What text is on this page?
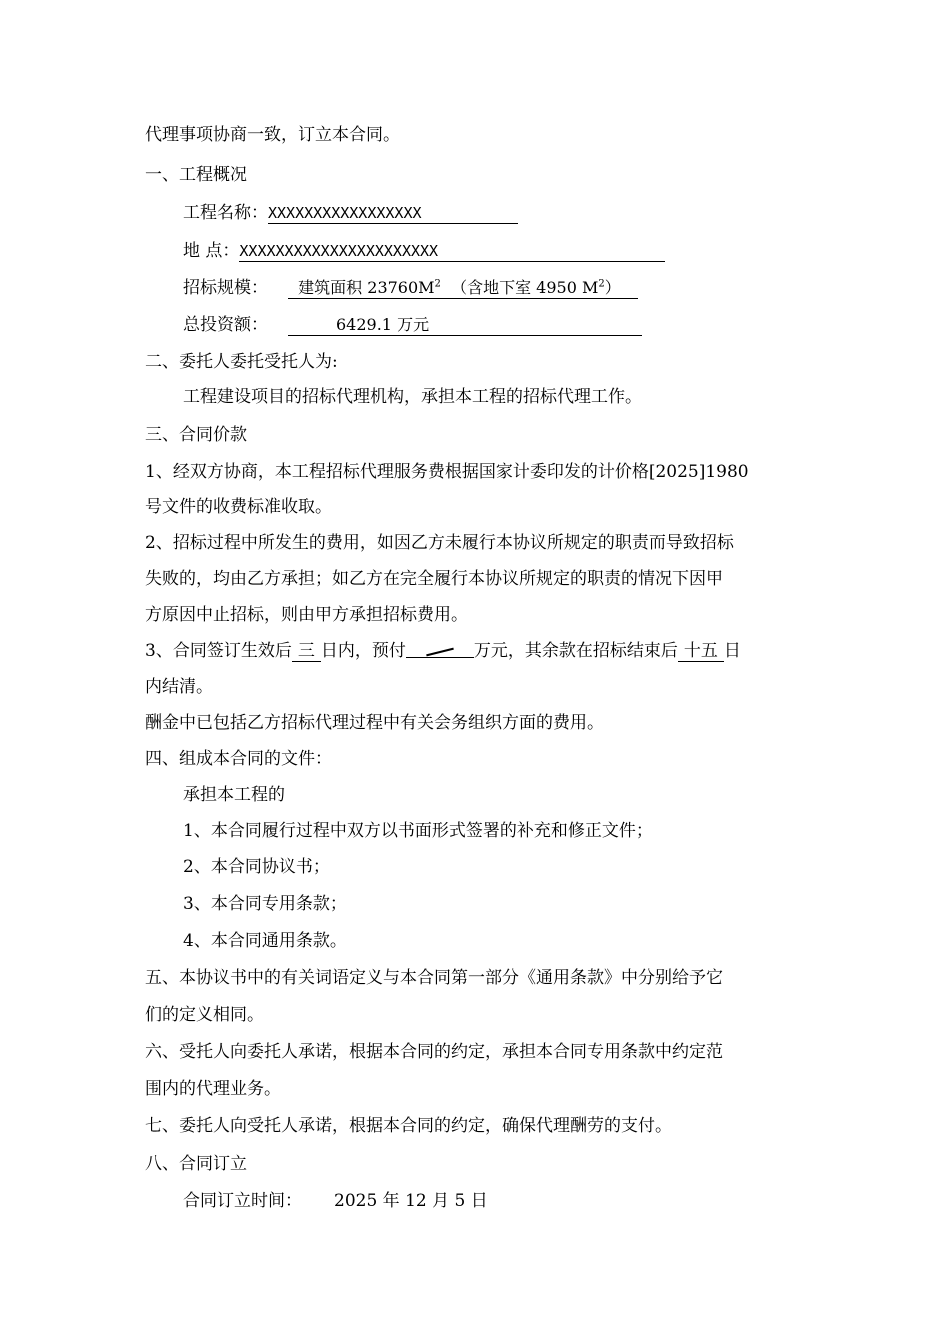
代理事项协商一致，订立本合同。
一、工程概况
工程名称：XXXXXXXXXXXXXXXXX
地 点：XXXXXXXXXXXXXXXXXXXXXX
招标规模： 建筑面积 $23760M^2$ （含地下室 4950 $M^2$）
总投资额：	6429.1 万元
二、委托人委托受托人为:
工程建设项目的招标代理机构，承担本工程的招标代理工作。
三、合同价款
1、经双方协商，本工程招标代理服务费根据国家计委印发的计价格[2025]1980
号文件的收费标准收取。
2、招标过程中所发生的费用，如因乙方未履行本协议所规定的职责而导致招标
失败的，均由乙方承担；如乙方在完全履行本协议所规定的职责的情况下因甲
方原因中止招标，则由甲方承担招标费用。
3、合同签订生效后 三 日内，预付	万元，其余款在招标结束后 十五 日
内结清。
酬金中已包括乙方招标代理过程中有关会务组织方面的费用。
四、组成本合同的文件：
承担本工程的
1、本合同履行过程中双方以书面形式签署的补充和修正文件；
2、本合同协议书；
3、本合同专用条款；
4、本合同通用条款。
五、本协议书中的有关词语定义与本合同第一部分《通用条款》中分别给予它
们的定义相同。
六、受托人向委托人承诺，根据本合同的约定，承担本合同专用条款中约定范
围内的代理业务。
七、委托人向受托人承诺，根据本合同的约定，确保代理酬劳的支付。
八、合同订立
合同订立时间： 2025 年 12 月 5 日
